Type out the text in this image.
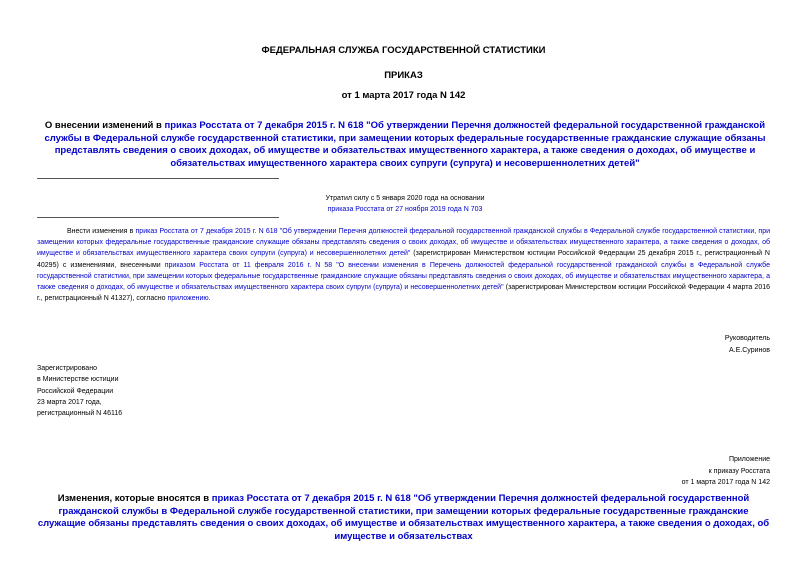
ФЕДЕРАЛЬНАЯ СЛУЖБА ГОСУДАРСТВЕННОЙ СТАТИСТИКИ
ПРИКАЗ
от 1 марта 2017 года N 142
О внесении изменений в приказ Росстата от 7 декабря 2015 г. N 618 "Об утверждении Перечня должностей федеральной государственной гражданской службы в Федеральной службе государственной статистики, при замещении которых федеральные государственные гражданские служащие обязаны представлять сведения о своих доходах, об имуществе и обязательствах имущественного характера, а также сведения о доходах, об имуществе и обязательствах имущественного характера своих супруги (супруга) и несовершеннолетних детей"
Утратил силу с 5 января 2020 года на основании
приказа Росстата от 27 ноября 2019 года N 703

Внести изменения в приказ Росстата от 7 декабря 2015 г. N 618 "Об утверждении Перечня должностей федеральной государственной гражданской службы в Федеральной службе государственной статистики, при замещении которых федеральные государственные гражданские служащие обязаны представлять сведения о своих доходах, об имуществе и обязательствах имущественного характера, а также сведения о доходах, об имуществе и обязательствах имущественного характера своих супруги (супруга) и несовершеннолетних детей" (зарегистрирован Министерством юстиции Российской Федерации 25 декабря 2015 г., регистрационный N 40295) с изменениями, внесенными приказом Росстата от 11 февраля 2016 г. N 58 "О внесении изменения в Перечень должностей федеральной государственной гражданской службы в Федеральной службе государственной статистики, при замещении которых федеральные государственные гражданские служащие обязаны представлять сведения о своих доходах, об имуществе и обязательствах имущественного характера, а также сведения о доходах, об имуществе и обязательствах имущественного характера своих супруги (супруга) и несовершеннолетних детей" (зарегистрирован Министерством юстиции Российской Федерации 4 марта 2016 г., регистрационный N 41327), согласно приложению.

Руководитель
А.Е.Суринов
Зарегистрировано
в Министерстве юстиции
Российской Федерации
23 марта 2017 года,
регистрационный N 46116
Приложение
к приказу Росстата
от 1 марта 2017 года N 142
Изменения, которые вносятся в приказ Росстата от 7 декабря 2015 г. N 618 "Об утверждении Перечня должностей федеральной государственной гражданской службы в Федеральной службе государственной статистики, при замещении которых федеральные государственные гражданские служащие обязаны представлять сведения о своих доходах, об имуществе и обязательствах имущественного характера, а также сведения о доходах, об имуществе и обязательствах
